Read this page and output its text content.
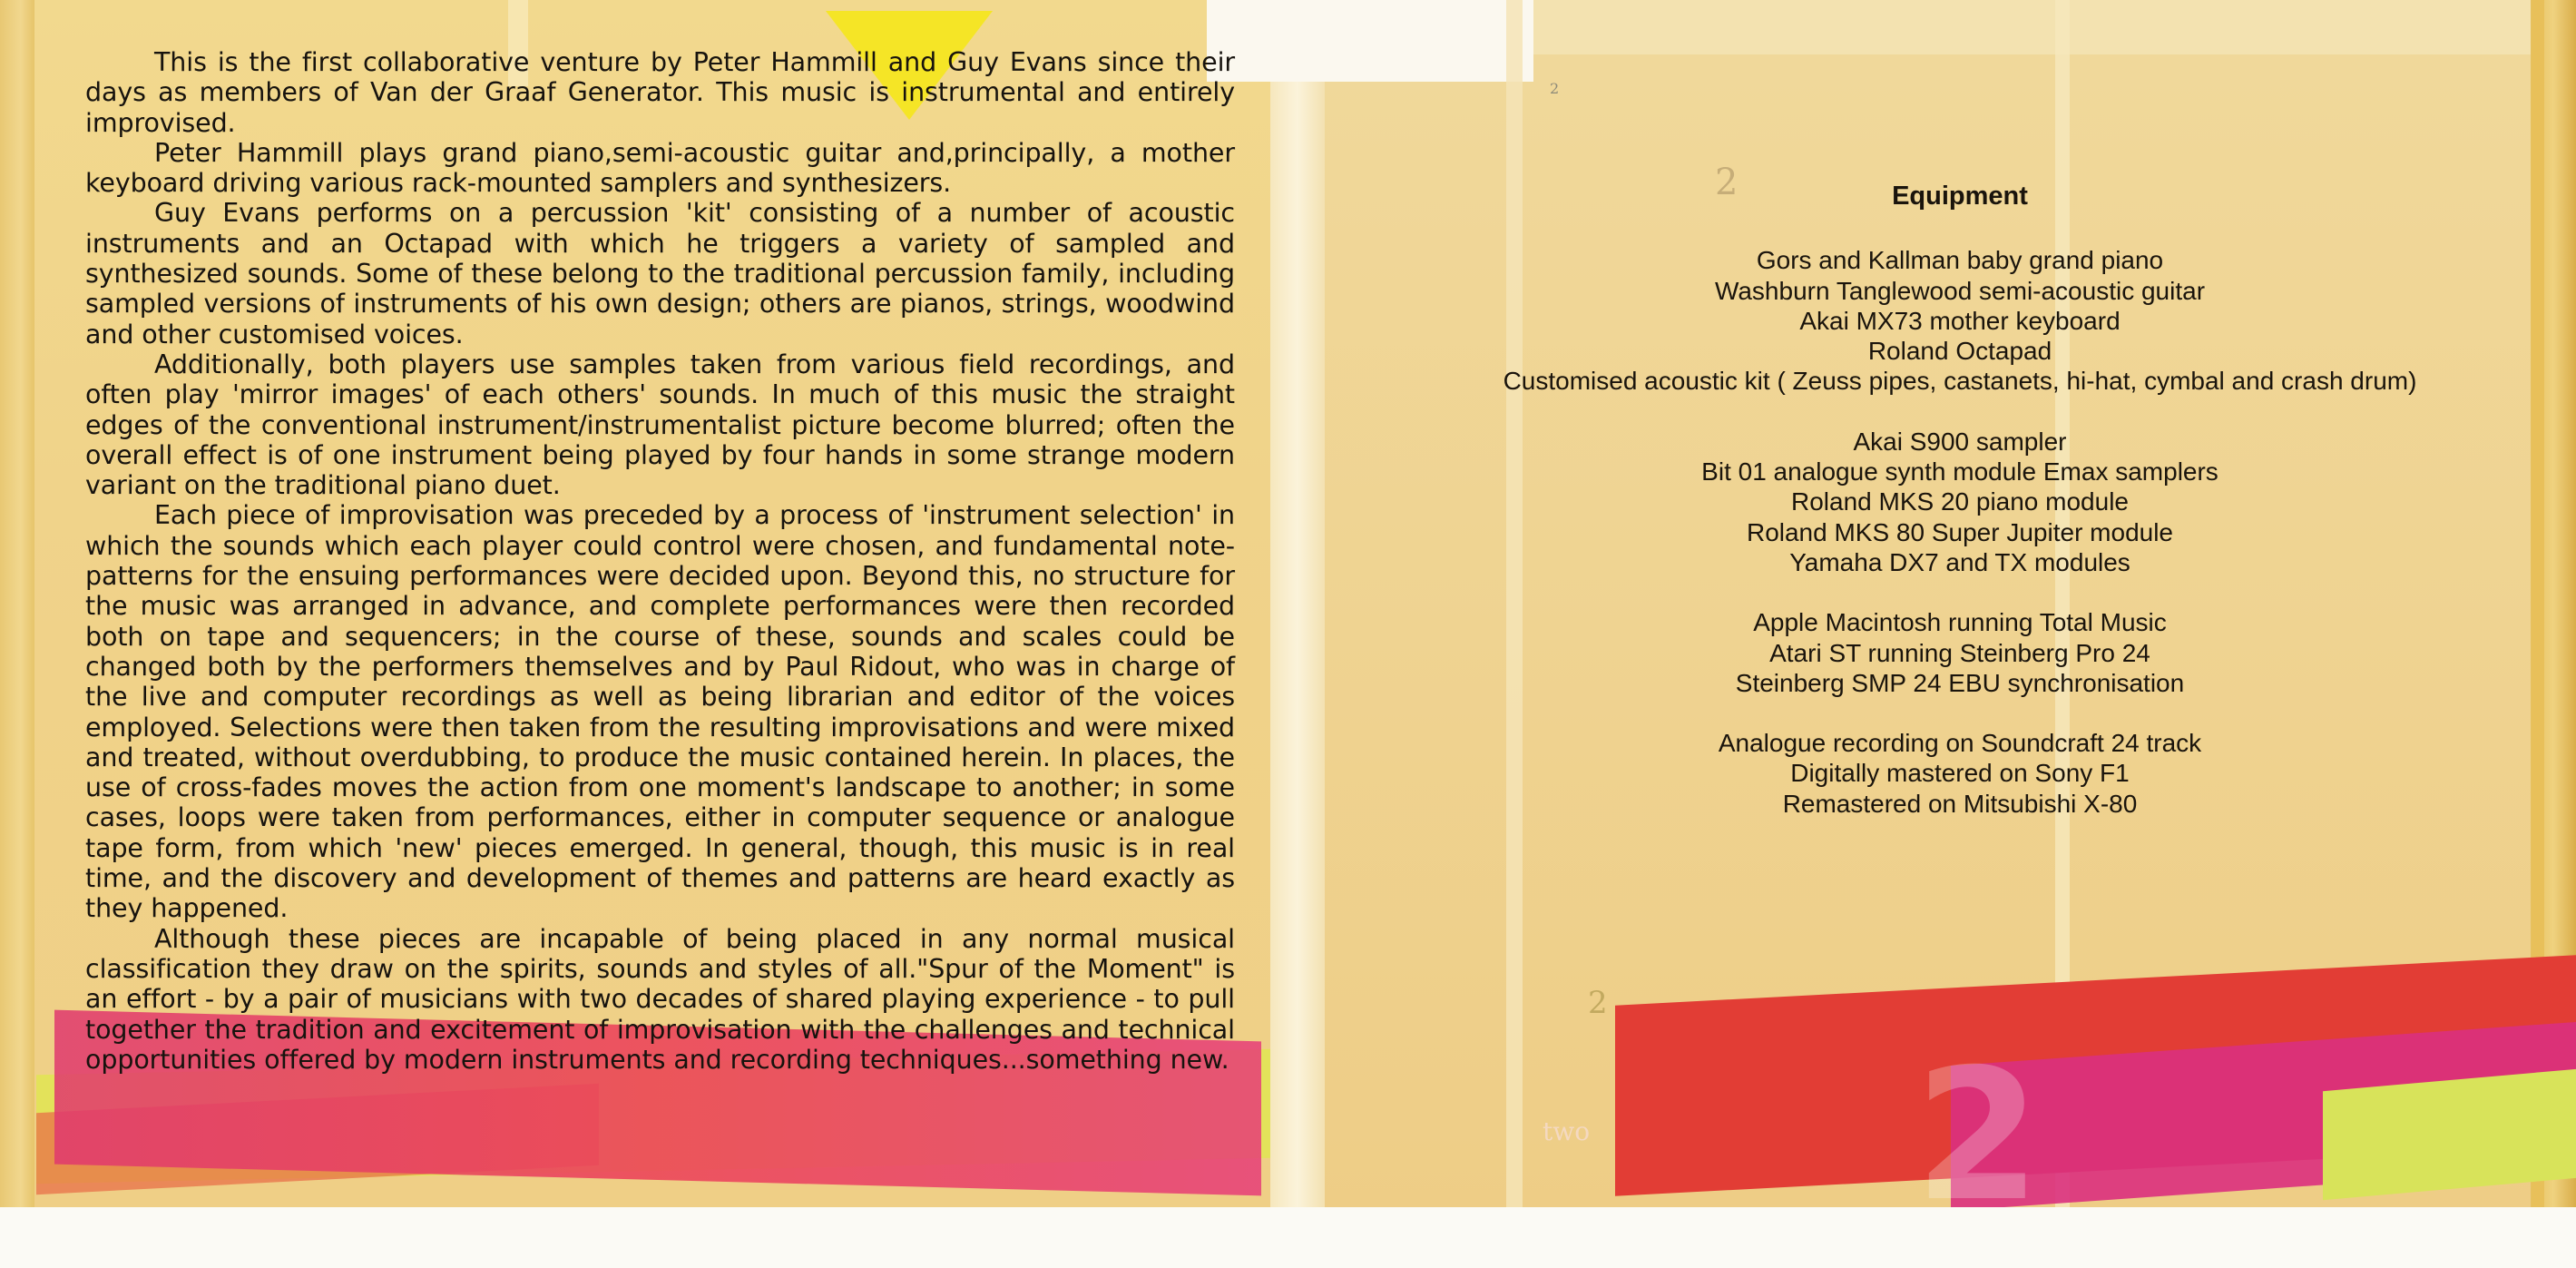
2
two
2
2
2

This is the first collaborative venture by Peter Hammill and Guy Evans since their days as members of Van der Graaf Generator. This music is instrumental and entirely improvised.

Peter Hammill plays grand piano,semi-acoustic guitar and,principally, a mother keyboard driving various rack-mounted samplers and synthesizers.

Guy Evans performs on a percussion 'kit' consisting of a number of acoustic instruments and an Octapad with which he triggers a variety of sampled and synthesized sounds. Some of these belong to the traditional percussion family, including sampled versions of instruments of his own design; others are pianos, strings, woodwind and other customised voices.

Additionally, both players use samples taken from various field recordings, and often play 'mirror images' of each others' sounds. In much of this music the straight edges of the conventional instrument/instrumentalist picture become blurred; often the overall effect is of one instrument being played by four hands in some strange modern variant on the traditional piano duet.

Each piece of improvisation was preceded by a process of 'instrument selection' in which the sounds which each player could control were chosen, and fundamental note-patterns for the ensuing performances were decided upon. Beyond this, no structure for the music was arranged in advance, and complete performances were then recorded both on tape and sequencers; in the course of these, sounds and scales could be changed both by the performers themselves and by Paul Ridout, who was in charge of the live and computer recordings as well as being librarian and editor of the voices employed. Selections were then taken from the resulting improvisations and were mixed and treated, without overdubbing, to produce the music contained herein. In places, the use of cross-fades moves the action from one moment's landscape to another; in some cases, loops were taken from performances, either in computer sequence or analogue tape form, from which 'new' pieces emerged. In general, though, this music is in real time, and the discovery and development of themes and patterns are heard exactly as they happened.

Although these pieces are incapable of being placed in any normal musical classification they draw on the spirits, sounds and styles of all."Spur of the Moment" is an effort - by a pair of musicians with two decades of shared playing experience - to pull together the tradition and excitement of improvisation with the challenges and technical opportunities offered by modern instruments and recording techniques...something new.

Equipment
Gors and Kallman baby grand piano
Washburn Tanglewood semi-acoustic guitar
Akai MX73 mother keyboard
Roland Octapad
Customised acoustic kit ( Zeuss pipes, castanets, hi-hat, cymbal and crash drum)
Akai S900 sampler
Bit 01 analogue synth module Emax samplers
Roland MKS 20 piano module
Roland MKS 80 Super Jupiter module
Yamaha DX7 and TX modules
Apple Macintosh running Total Music
Atari ST running Steinberg Pro 24
Steinberg SMP 24 EBU synchronisation
Analogue recording on Soundcraft 24 track
Digitally mastered on Sony F1
Remastered on Mitsubishi X-80
